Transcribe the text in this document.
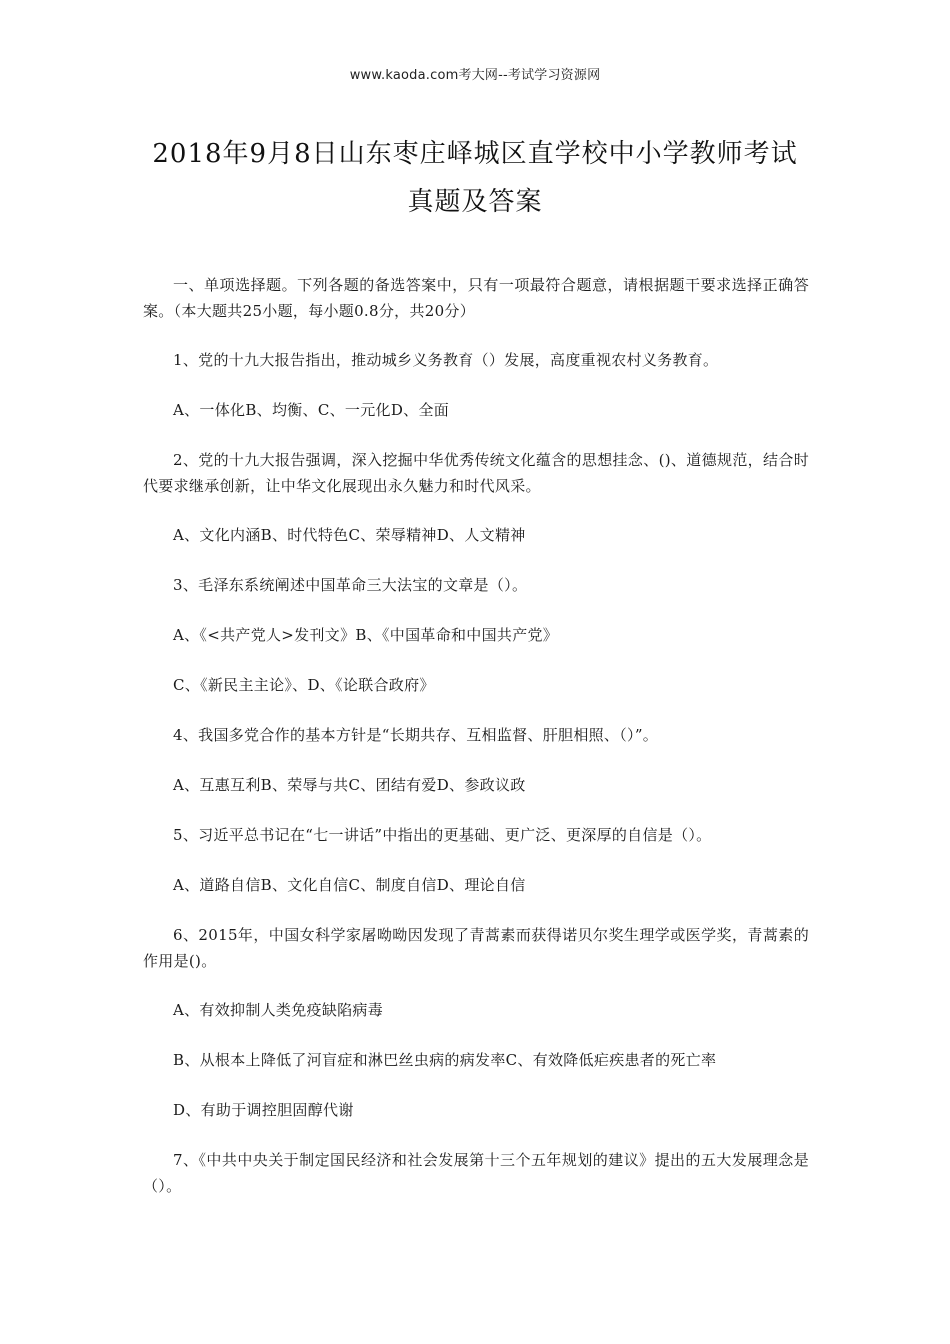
www.kaoda.com考大网--考试学习资源网
2018年9月8日山东枣庄峄城区直学校中小学教师考试真题及答案

一、单项选择题。下列各题的备选答案中，只有一项最符合题意，请根据题干要求选择正确答案。（本大题共25小题，每小题0.8分，共20分）

1、党的十九大报告指出，推动城乡义务教育（）发展，高度重视农村义务教育。

A、一体化B、均衡、C、一元化D、全面

2、党的十九大报告强调，深入挖掘中华优秀传统文化蕴含的思想挂念、()、道德规范，结合时代要求继承创新，让中华文化展现出永久魅力和时代风采。

A、文化内涵B、时代特色C、荣辱精神D、人文精神

3、毛泽东系统阐述中国革命三大法宝的文章是（）。

A、《<共产党人>发刊文》B、《中国革命和中国共产党》

C、《新民主主论》、D、《论联合政府》

4、我国多党合作的基本方针是“长期共存、互相监督、肝胆相照、（）”。

A、互惠互利B、荣辱与共C、团结有爱D、参政议政

5、习近平总书记在“七一讲话”中指出的更基础、更广泛、更深厚的自信是（）。

A、道路自信B、文化自信C、制度自信D、理论自信

6、2015年，中国女科学家屠呦呦因发现了青蒿素而获得诺贝尔奖生理学或医学奖，青蒿素的作用是()。

A、有效抑制人类免疫缺陷病毒

B、从根本上降低了河盲症和淋巴丝虫病的病发率C、有效降低疟疾患者的死亡率

D、有助于调控胆固醇代谢

7、《中共中央关于制定国民经济和社会发展第十三个五年规划的建议》提出的五大发展理念是（）。
